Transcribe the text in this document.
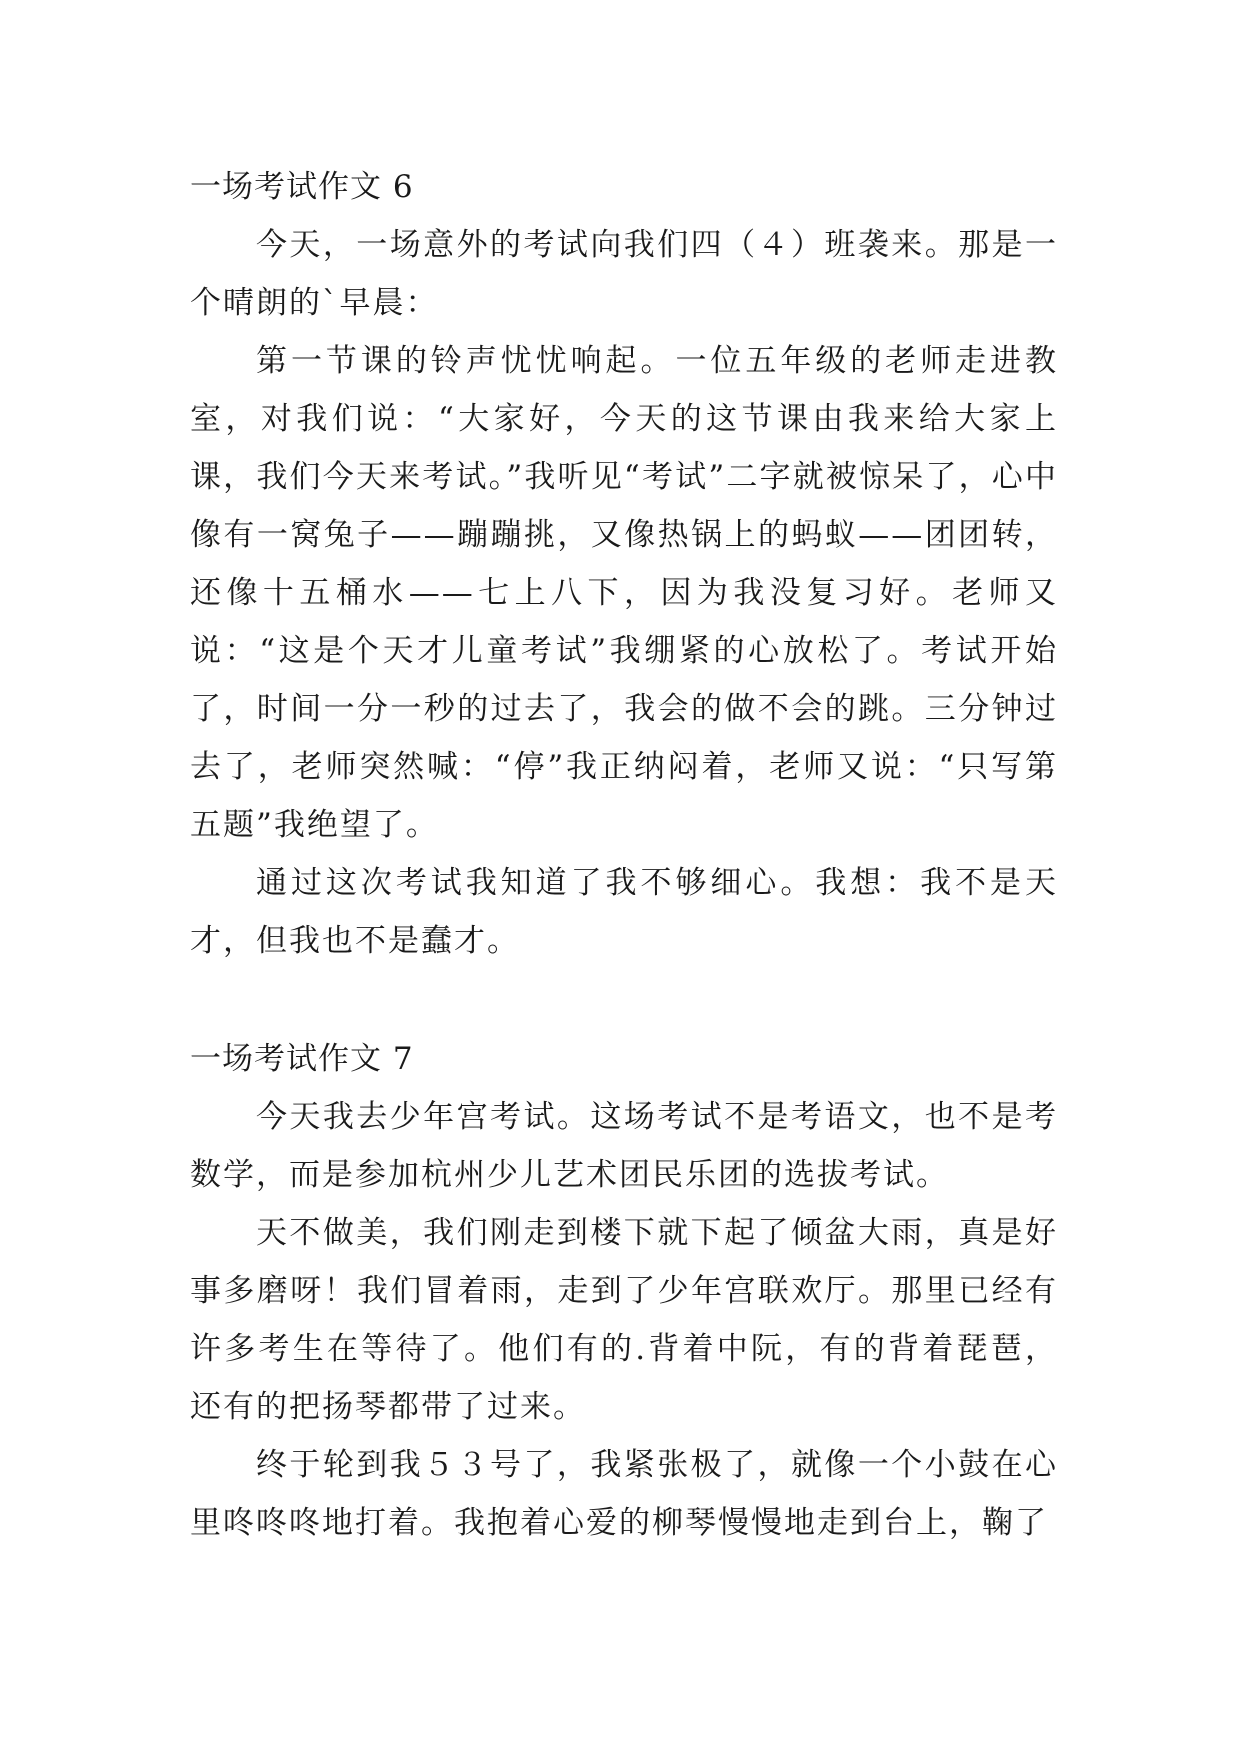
一场考试作文 6

今天，一场意外的考试向我们四（４）班袭来。那是一个晴朗的`早晨：

第一节课的铃声忧忧响起。一位五年级的老师走进教室，对我们说：“大家好，今天的这节课由我来给大家上课，我们今天来考试。”我听见“考试”二字就被惊呆了，心中像有一窝兔子——蹦蹦挑，又像热锅上的蚂蚁——团团转，还像十五桶水——七上八下，因为我没复习好。老师又说：“这是个天才儿童考试”我绷紧的心放松了。考试开始了，时间一分一秒的过去了，我会的做不会的跳。三分钟过去了，老师突然喊：“停”我正纳闷着，老师又说：“只写第五题”我绝望了。

通过这次考试我知道了我不够细心。我想：我不是天才，但我也不是蠢才。

一场考试作文 7

今天我去少年宫考试。这场考试不是考语文，也不是考数学，而是参加杭州少儿艺术团民乐团的选拔考试。

天不做美，我们刚走到楼下就下起了倾盆大雨，真是好事多磨呀！我们冒着雨，走到了少年宫联欢厅。那里已经有许多考生在等待了。他们有的.背着中阮，有的背着琵琶，还有的把扬琴都带了过来。

终于轮到我５３号了，我紧张极了，就像一个小鼓在心里咚咚咚地打着。我抱着心爱的柳琴慢慢地走到台上，鞠了
